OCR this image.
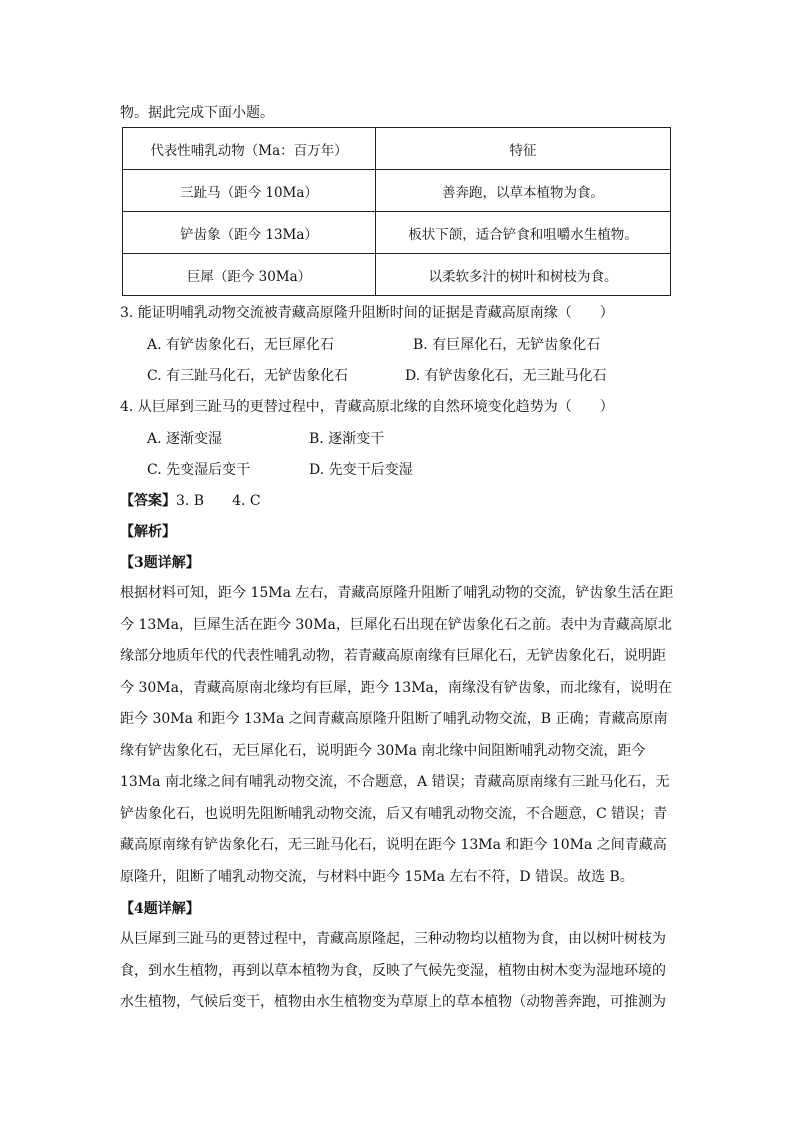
物。据此完成下面小题。
代表性哺乳动物（Ma：百万年）	特征
三趾马（距今 10Ma）	善奔跑，以草本植物为食。
铲齿象（距今 13Ma）	板状下颌，适合铲食和咀嚼水生植物。
巨犀（距今 30Ma）	以柔软多汁的树叶和树枝为食。
3. 能证明哺乳动物交流被青藏高原隆升阻断时间的证据是青藏高原南缘（　　）
A. 有铲齿象化石，无巨犀化石	B. 有巨犀化石，无铲齿象化石
C. 有三趾马化石，无铲齿象化石	D. 有铲齿象化石，无三趾马化石
4. 从巨犀到三趾马的更替过程中，青藏高原北缘的自然环境变化趋势为（　　）
A. 逐渐变湿	B. 逐渐变干
C. 先变湿后变干	D. 先变干后变湿
【答案】3. B　　4. C
【解析】
【3题详解】
根据材料可知，距今 15Ma 左右，青藏高原隆升阻断了哺乳动物的交流，铲齿象生活在距今 13Ma，巨犀生活在距今 30Ma，巨犀化石出现在铲齿象化石之前。表中为青藏高原北缘部分地质年代的代表性哺乳动物，若青藏高原南缘有巨犀化石，无铲齿象化石，说明距今 30Ma，青藏高原南北缘均有巨犀，距今 13Ma，南缘没有铲齿象，而北缘有，说明在距今 30Ma 和距今 13Ma 之间青藏高原隆升阻断了哺乳动物交流，B 正确；青藏高原南缘有铲齿象化石，无巨犀化石，说明距今 30Ma 南北缘中间阻断哺乳动物交流，距今 13Ma 南北缘之间有哺乳动物交流，不合题意，A 错误；青藏高原南缘有三趾马化石，无铲齿象化石，也说明先阻断哺乳动物交流，后又有哺乳动物交流，不合题意，C 错误；青藏高原南缘有铲齿象化石，无三趾马化石，说明在距今 13Ma 和距今 10Ma 之间青藏高原隆升，阻断了哺乳动物交流，与材料中距今 15Ma 左右不符，D 错误。故选 B。
【4题详解】
从巨犀到三趾马的更替过程中，青藏高原隆起，三种动物均以植物为食，由以树叶树枝为食，到水生植物，再到以草本植物为食，反映了气候先变湿，植物由树木变为湿地环境的水生植物，气候后变干，植物由水生植物变为草原上的草本植物（动物善奔跑，可推测为
